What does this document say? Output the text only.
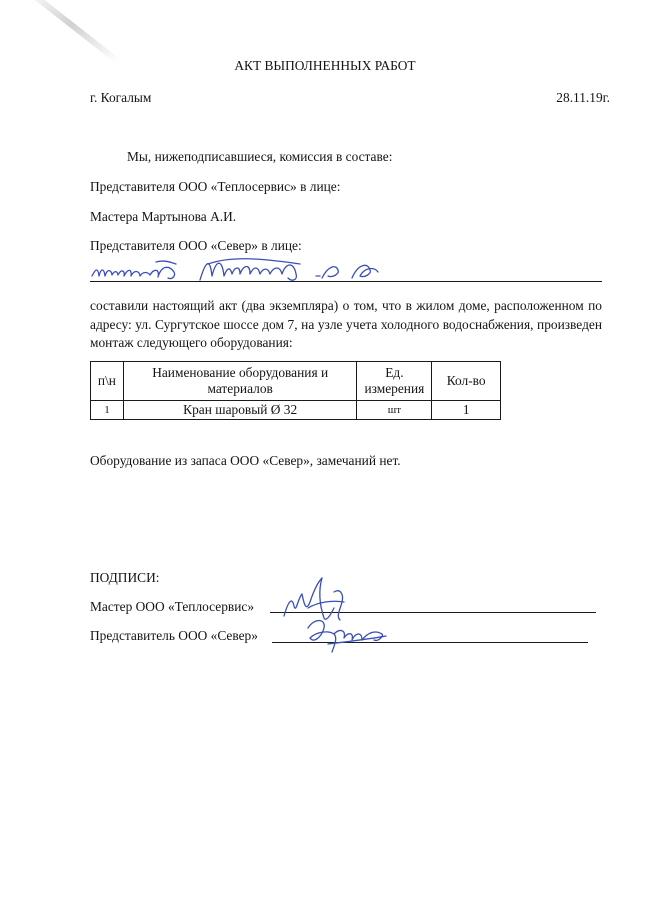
АКТ ВЫПОЛНЕННЫХ РАБОТ
г. Когалым	28.11.19г.
Мы, нижеподписавшиеся, комиссия в составе:
Представителя ООО «Теплосервис» в лице:
Мастера Мартынова А.И.
Представителя ООО «Север» в лице:
составили настоящий акт (два экземпляра) о том, что в жилом доме, расположенном по адресу: ул. Сургутское шоссе дом 7, на узле учета холодного водоснабжения, произведен монтаж следующего оборудования:
п\н	Наименование оборудования и материалов	Ед. измерения	Кол-во
1	Кран шаровый Ø 32	шт	1
Оборудование из запаса ООО «Север», замечаний нет.
ПОДПИСИ:
Мастер ООО «Теплосервис»
Представитель ООО «Север»
